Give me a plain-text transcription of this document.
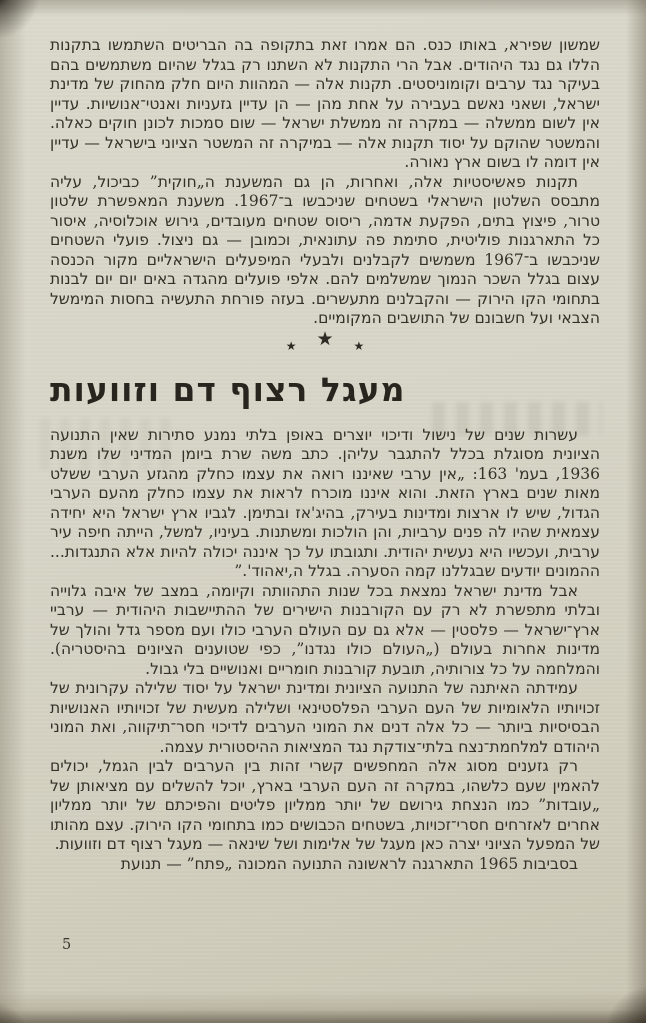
שמשון שפירא, באותו כנס. הם אמרו זאת בתקופה בה הבריטים השתמשו בתקנות הללו גם נגד היהודים. אבל הרי התקנות לא השתנו רק בגלל שהיום משתמשים בהם בעיקר נגד ערבים וקומוניסטים. תקנות אלה — המהוות היום חלק מהחוק של מדינת ישראל, ושאני נאשם בעבירה על אחת מהן — הן עדיין גזעניות ואנטי־אנושיות. עדיין אין לשום ממשלה — במקרה זה ממשלת ישראל — שום סמכות לכונן חוקים כאלה. והמשטר שהוקם על יסוד תקנות אלה — במיקרה זה המשטר הציוני בישראל — עדיין אין דומה לו בשום ארץ נאורה.

תקנות פאשיסטיות אלה, ואחרות, הן גם המשענת ה„חוקית” כביכול, עליה מתבסס השלטון הישראלי בשטחים שניכבשו ב־1967. משענת המאפשרת שלטון טרור, פיצוץ בתים, הפקעת אדמה, ריסוס שטחים מעובדים, גירוש אוכלוסיה, איסור כל התארגנות פוליטית, סתימת פה עתונאית, וכמובן — גם ניצול. פועלי השטחים שניכבשו ב־1967 משמשים לקבלנים ולבעלי המיפעלים הישראליים מקור הכנסה עצום בגלל השכר הנמוך שמשלמים להם. אלפי פועלים מהגדה באים יום יום לבנות בתחומי הקו הירוק — והקבלנים מתעשרים. בעזה פורחת התעשיה בחסות המימשל הצבאי ועל חשבונם של התושבים המקומיים.

★ ★ ★
מעגל רצוף דם וזוועות

עשרות שנים של נישול ודיכוי יוצרים באופן בלתי נמנע סתירות שאין התנועה הציונית מסוגלת בכלל להתגבר עליהן. כתב משה שרת ביומן המדיני שלו משנת 1936, בעמ' 163: „אין ערבי שאיננו רואה את עצמו כחלק מהגזע הערבי ששלט מאות שנים בארץ הזאת. והוא איננו מוכרח לראות את עצמו כחלק מהעם הערבי הגדול, שיש לו ארצות ומדינות בעירק, בהיג'אז ובתימן. לגביו ארץ ישראל היא יחידה עצמאית שהיו לה פנים ערביות, והן הולכות ומשתנות. בעיניו, למשל, הייתה חיפה עיר ערבית, ועכשיו היא נעשית יהודית. ותגובתו על כך איננה יכולה להיות אלא התנגדות... ההמונים יודעים שבגללנו קמה הסערה. בגלל ה,יאהוד'.”

אבל מדינת ישראל נמצאת בכל שנות התהוותה וקיומה, במצב של איבה גלוייה ובלתי מתפשרת לא רק עם הקורבנות הישירים של ההתיישבות היהודית — ערביי ארץ־ישראל — פלסטין — אלא גם עם העולם הערבי כולו ועם מספר גדל והולך של מדינות אחרות בעולם („העולם כולו נגדנו”, כפי שטוענים הציונים בהיסטריה). והמלחמה על כל צורותיה, תובעת קורבנות חומריים ואנושיים בלי גבול.

עמידתה האיתנה של התנועה הציונית ומדינת ישראל על יסוד שלילה עקרונית של זכויותיו הלאומיות של העם הערבי הפלסטינאי ושלילה מעשית של זכויותיו האנושיות הבסיסיות ביותר — כל אלה דנים את המוני הערבים לדיכוי חסר־תיקווה, ואת המוני היהודם למלחמת־נצח בלתי־צודקת נגד המציאות ההיסטורית עצמה.

רק גזענים מסוג אלה המחפשים קשרי זהות בין הערבים לבין הגמל, יכולים להאמין שעם כלשהו, במקרה זה העם הערבי בארץ, יוכל להשלים עם מציאותן של „עובדות” כמו הנצחת גירושם של יותר ממליון פליטים והפיכתם של יותר ממליון אחרים לאזרחים חסרי־זכויות, בשטחים הכבושים כמו בתחומי הקו הירוק. עצם מהותו של המפעל הציוני יצרה כאן מעגל של אלימות ושל שינאה — מעגל רצוף דם וזוועות.

בסביבות 1965 התארגנה לראשונה התנועה המכונה „פתח” — תנועת

5
